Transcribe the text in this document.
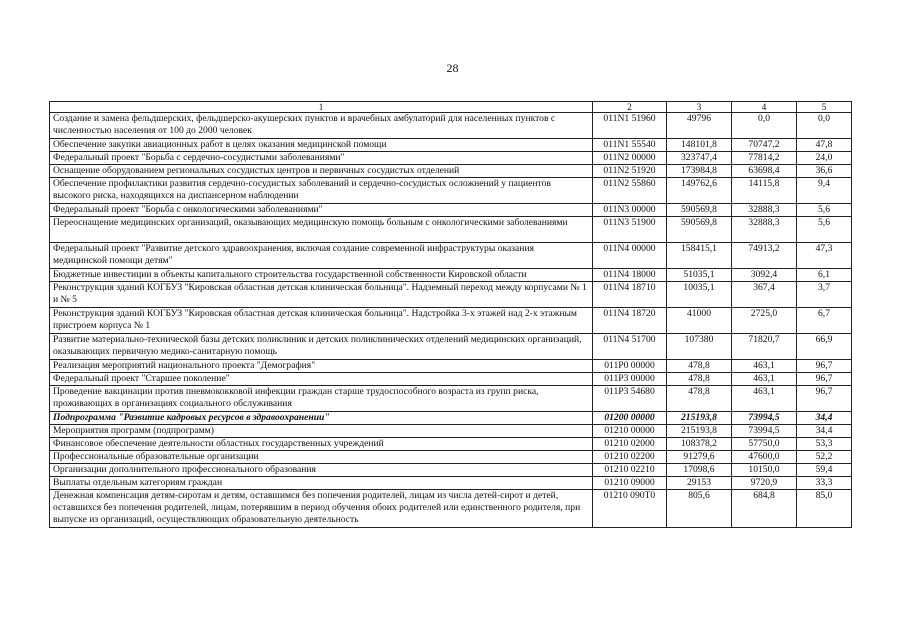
28
1	2	3	4	5
Создание и замена фельдшерских, фельдшерско-акушерских пунктов и врачебных амбулаторий для населенных пунктов с численностью населения от 100 до 2000 человек	011N1 51960	49796	0,0	0,0
Обеспечение закупки авиационных работ в целях оказания медицинской помощи	011N1 55540	148101,8	70747,2	47,8
Федеральный проект "Борьба с сердечно-сосудистыми заболеваниями"	011N2 00000	323747,4	77814,2	24,0
Оснащение оборудованием региональных сосудистых центров и первичных сосудистых отделений	011N2 51920	173984,8	63698,4	36,6
Обеспечение профилактики развития сердечно-сосудистых заболеваний и сердечно-сосудистых осложнений у пациентов высокого риска, находящихся на диспансерном наблюдении	011N2 55860	149762,6	14115,8	9,4
Федеральный проект "Борьба с онкологическими заболеваниями"	011N3 00000	590569,8	32888,3	5,6
Переоснащение медицинских организаций, оказывающих медицинскую помощь больным с онкологическими заболеваниями	011N3 51900	590569,8	32888,3	5,6
Федеральный проект "Развитие детского здравоохранения, включая создание современной инфраструктуры оказания медицинской помощи детям"	011N4 00000	158415,1	74913,2	47,3
Бюджетные инвестиции в объекты капитального строительства государственной собственности Кировской области	011N4 18000	51035,1	3092,4	6,1
Реконструкция зданий КОГБУЗ "Кировская областная детская клиническая больница". Надземный переход между корпусами № 1 и № 5	011N4 18710	10035,1	367,4	3,7
Реконструкция зданий КОГБУЗ "Кировская областная детская клиническая больница". Надстройка 3-х этажей над 2-х этажным пристроем корпуса № 1	011N4 18720	41000	2725,0	6,7
Развитие материально-технической базы детских поликлиник и детских поликлинических отделений медицинских организаций, оказывающих первичную медико-санитарную помощь	011N4 51700	107380	71820,7	66,9
Реализация мероприятий национального проекта "Демография"	011P0 00000	478,8	463,1	96,7
Федеральный проект "Старшее поколение"	011P3 00000	478,8	463,1	96,7
Проведение вакцинации против пневмококковой инфекции граждан старше трудоспособного возраста из групп риска, проживающих в организациях социального обслуживания	011P3 54680	478,8	463,1	96,7
Подпрограмма "Развитие кадровых ресурсов в здравоохранении"	01200 00000	215193,8	73994,5	34,4
Мероприятия программ (подпрограмм)	01210 00000	215193,8	73994,5	34,4
Финансовое обеспечение деятельности областных государственных учреждений	01210 02000	108378,2	57750,0	53,3
Профессиональные образовательные организации	01210 02200	91279,6	47600,0	52,2
Организации дополнительного профессионального образования	01210 02210	17098,6	10150,0	59,4
Выплаты отдельным категориям граждан	01210 09000	29153	9720,9	33,3
Денежная компенсация детям-сиротам и детям, оставшимся без попечения родителей, лицам из числа детей-сирот и детей, оставшихся без попечения родителей, лицам, потерявшим в период обучения обоих родителей или единственного родителя, при выпуске из организаций, осуществляющих образовательную деятельность	01210 090T0	805,6	684,8	85,0
